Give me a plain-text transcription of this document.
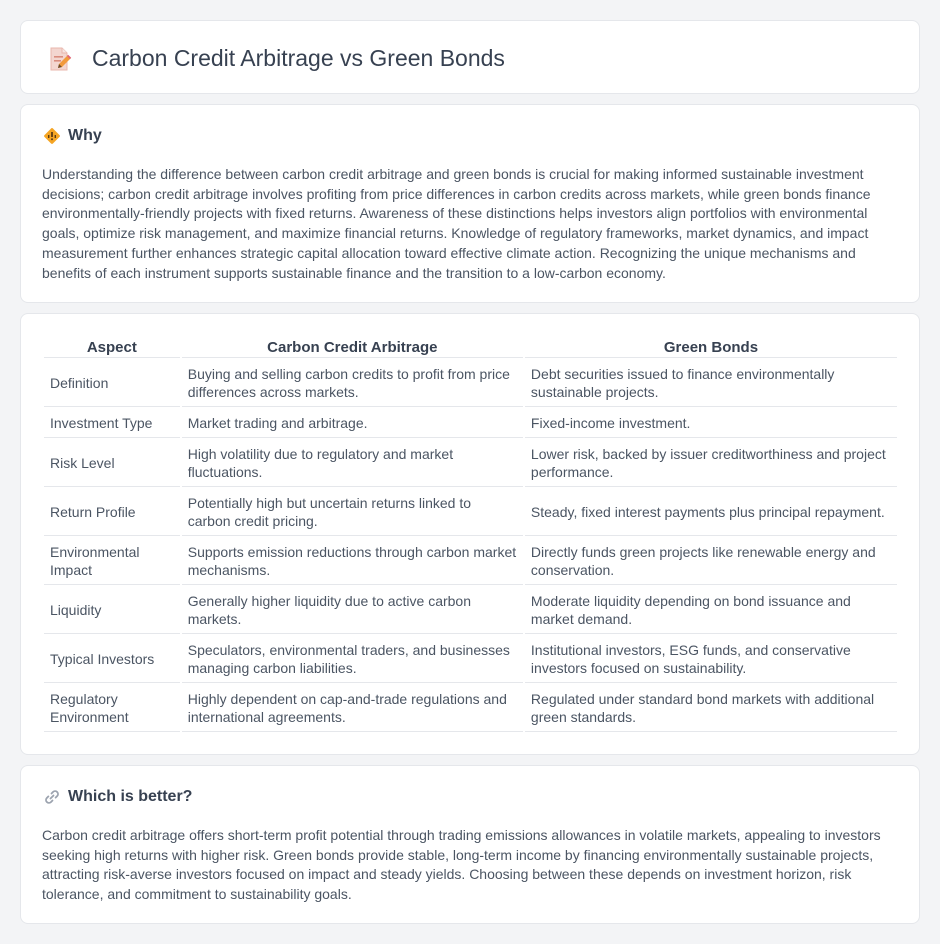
Carbon Credit Arbitrage vs Green Bonds
Why

Understanding the difference between carbon credit arbitrage and green bonds is crucial for making informed sustainable investment decisions; carbon credit arbitrage involves profiting from price differences in carbon credits across markets, while green bonds finance environmentally-friendly projects with fixed returns. Awareness of these distinctions helps investors align portfolios with environmental goals, optimize risk management, and maximize financial returns. Knowledge of regulatory frameworks, market dynamics, and impact measurement further enhances strategic capital allocation toward effective climate action. Recognizing the unique mechanisms and benefits of each instrument supports sustainable finance and the transition to a low-carbon economy.

Aspect	Carbon Credit Arbitrage	Green Bonds
Definition	Buying and selling carbon credits to profit from price differences across markets.	Debt securities issued to finance environmentally sustainable projects.
Investment Type	Market trading and arbitrage.	Fixed-income investment.
Risk Level	High volatility due to regulatory and market fluctuations.	Lower risk, backed by issuer creditworthiness and project performance.
Return Profile	Potentially high but uncertain returns linked to carbon credit pricing.	Steady, fixed interest payments plus principal repayment.
Environmental Impact	Supports emission reductions through carbon market mechanisms.	Directly funds green projects like renewable energy and conservation.
Liquidity	Generally higher liquidity due to active carbon markets.	Moderate liquidity depending on bond issuance and market demand.
Typical Investors	Speculators, environmental traders, and businesses managing carbon liabilities.	Institutional investors, ESG funds, and conservative investors focused on sustainability.
Regulatory Environment	Highly dependent on cap-and-trade regulations and international agreements.	Regulated under standard bond markets with additional green standards.
Which is better?

Carbon credit arbitrage offers short-term profit potential through trading emissions allowances in volatile markets, appealing to investors seeking high returns with higher risk. Green bonds provide stable, long-term income by financing environmentally sustainable projects, attracting risk-averse investors focused on impact and steady yields. Choosing between these depends on investment horizon, risk tolerance, and commitment to sustainability goals.
